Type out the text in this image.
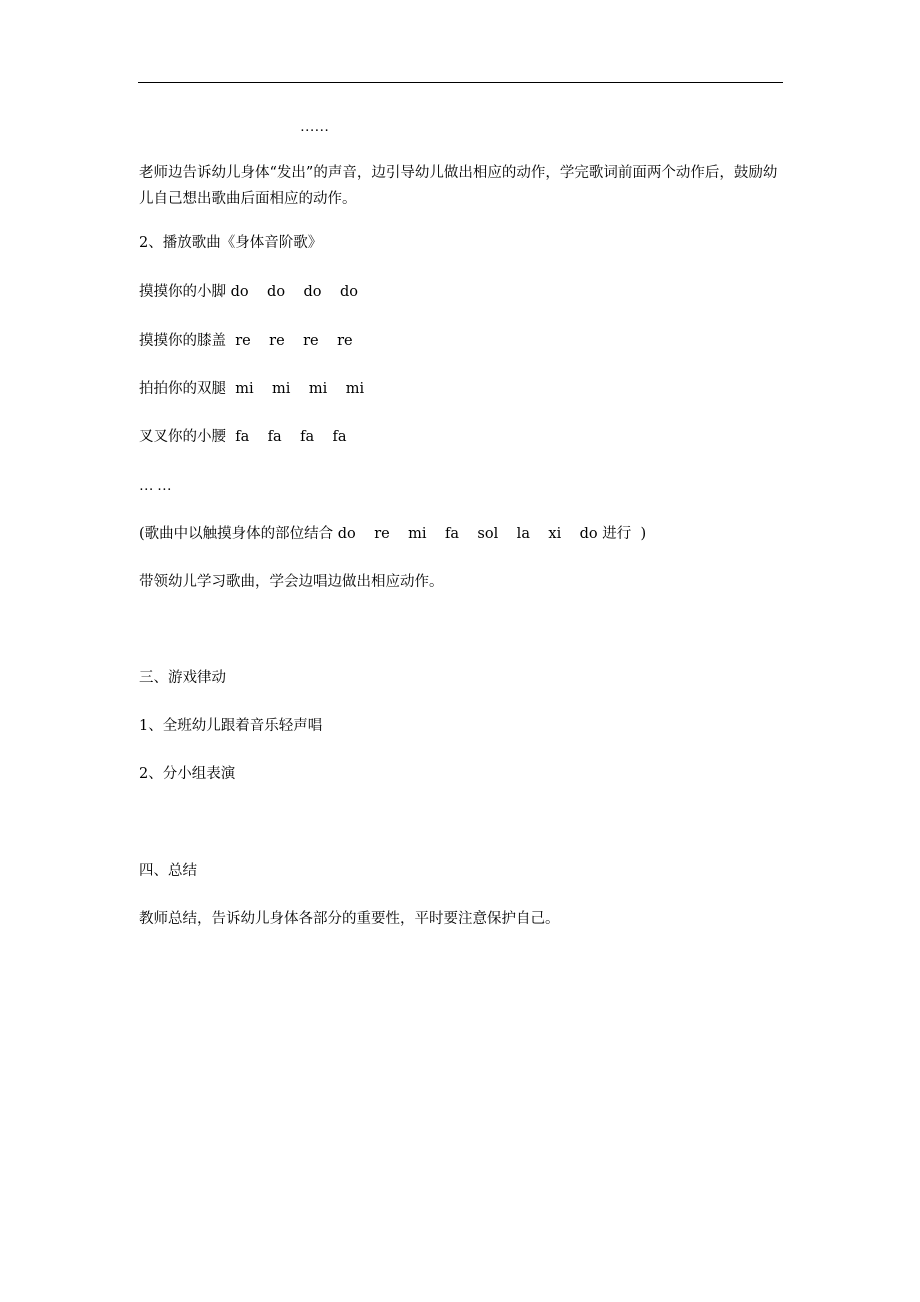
……

老师边告诉幼儿身体“发出”的声音，边引导幼儿做出相应的动作，学完歌词前面两个动作后，鼓励幼儿自己想出歌曲后面相应的动作。

2、播放歌曲《身体音阶歌》

摸摸你的小脚 do    do    do    do

摸摸你的膝盖  re    re    re    re

拍拍你的双腿  mi    mi    mi    mi

叉叉你的小腰  fa    fa    fa    fa

… …

(歌曲中以触摸身体的部位结合 do    re    mi    fa    sol    la    xi    do 进行  )

带领幼儿学习歌曲，学会边唱边做出相应动作。

三、游戏律动

1、全班幼儿跟着音乐轻声唱

2、分小组表演

四、总结

教师总结，告诉幼儿身体各部分的重要性，平时要注意保护自己。
